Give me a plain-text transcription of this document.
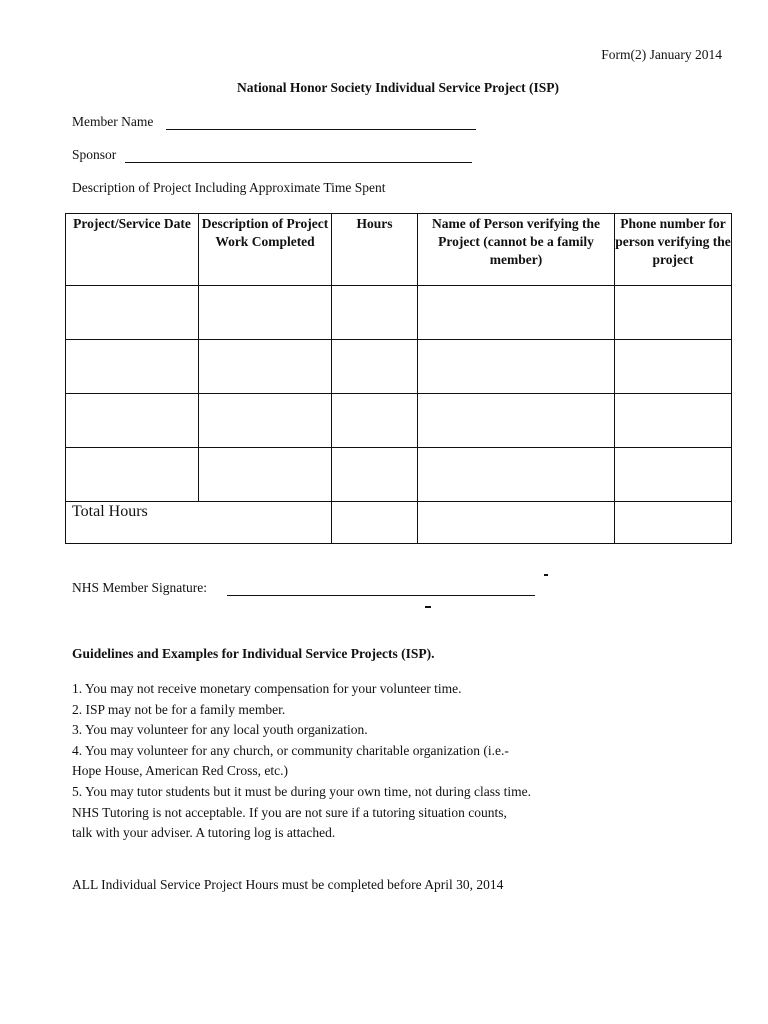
Form(2) January 2014
National Honor Society Individual Service Project (ISP)
Member Name
Sponsor
Description of Project Including Approximate Time Spent
Project/Service Date	Description of Project Work Completed	Hours	Name of Person verifying the Project (cannot be a family member)	Phone number for person verifying the project

Total Hours				

NHS Member Signature:
Guidelines and Examples for Individual Service Projects (ISP).
1. You may not receive monetary compensation for your volunteer time.
2. ISP may not be for a family member.
3. You may volunteer for any local youth organization.
4. You may volunteer for any church, or community charitable organization (i.e.-
Hope House, American Red Cross, etc.)
5. You may tutor students but it must be during your own time, not during class time.
NHS Tutoring is not acceptable. If you are not sure if a tutoring situation counts,
talk with your adviser. A tutoring log is attached.
ALL Individual Service Project Hours must be completed before April 30, 2014
